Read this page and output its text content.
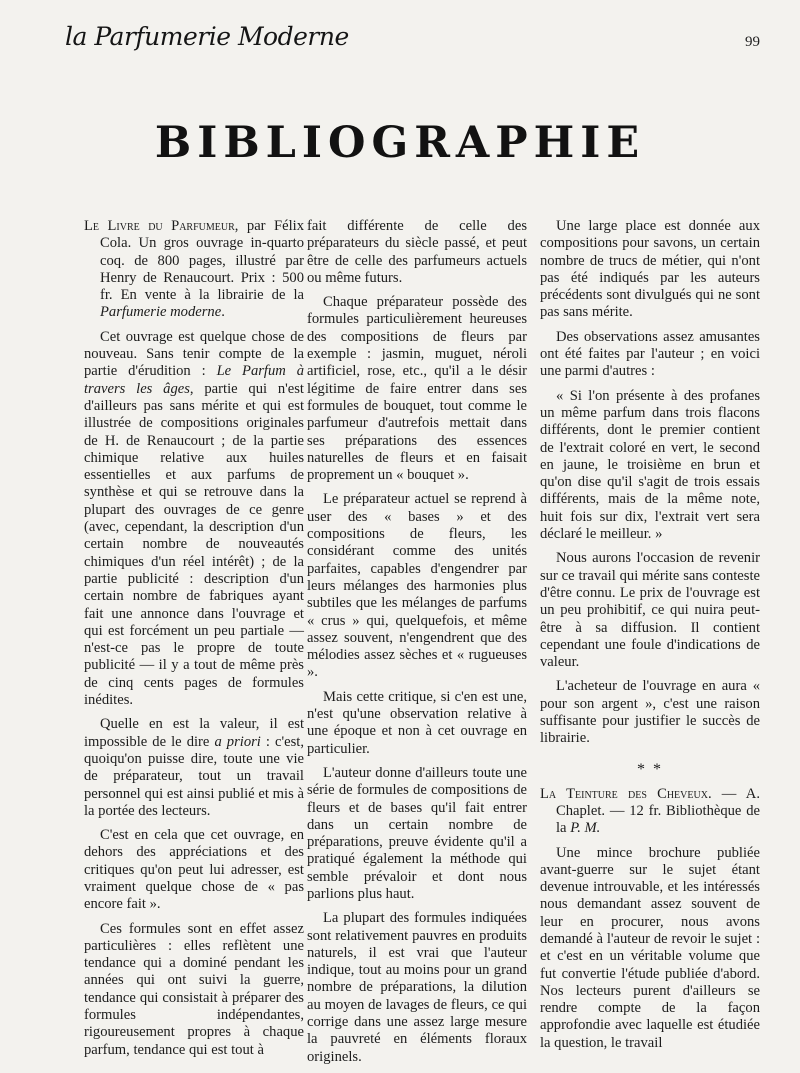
la Parfumerie Moderne	99
BIBLIOGRAPHIE

Le Livre du Parfumeur, par Félix Cola. Un gros ouvrage in-quarto coq. de 800 pages, illustré par Henry de Renaucourt. Prix : 500 fr. En vente à la librairie de la Parfumerie moderne.

Cet ouvrage est quelque chose de nouveau. Sans tenir compte de la partie d'érudition : Le Parfum à travers les âges, partie qui n'est d'ailleurs pas sans mérite et qui est illustrée de compositions originales de H. de Renaucourt ; de la partie chimique relative aux huiles essentielles et aux parfums de synthèse et qui se retrouve dans la plupart des ouvrages de ce genre (avec, cependant, la description d'un certain nombre de nouveautés chimiques d'un réel intérêt) ; de la partie publicité : description d'un certain nombre de fabriques ayant fait une annonce dans l'ouvrage et qui est forcément un peu partiale — n'est-ce pas le propre de toute publicité — il y a tout de même près de cinq cents pages de formules inédites.

Quelle en est la valeur, il est impossible de le dire a priori : c'est, quoiqu'on puisse dire, toute une vie de préparateur, tout un travail personnel qui est ainsi publié et mis à la portée des lecteurs.

C'est en cela que cet ouvrage, en dehors des appréciations et des critiques qu'on peut lui adresser, est vraiment quelque chose de « pas encore fait ».

Ces formules sont en effet assez particulières : elles reflètent une tendance qui a dominé pendant les années qui ont suivi la guerre, tendance qui consistait à préparer des formules indépendantes, rigoureusement propres à chaque parfum, tendance qui est tout à

fait différente de celle des préparateurs du siècle passé, et peut être de celle des parfumeurs actuels ou même futurs.

Chaque préparateur possède des formules particulièrement heureuses des compositions de fleurs par exemple : jasmin, muguet, néroli artificiel, rose, etc., qu'il a le désir légitime de faire entrer dans ses formules de bouquet, tout comme le parfumeur d'autrefois mettait dans ses préparations des essences naturelles de fleurs et en faisait proprement un « bouquet ».

Le préparateur actuel se reprend à user des « bases » et des compositions de fleurs, les considérant comme des unités parfaites, capables d'engendrer par leurs mélanges des harmonies plus subtiles que les mélanges de parfums « crus » qui, quelquefois, et même assez souvent, n'engendrent que des mélodies assez sèches et « rugueuses ».

Mais cette critique, si c'en est une, n'est qu'une observation relative à une époque et non à cet ouvrage en particulier.

L'auteur donne d'ailleurs toute une série de formules de compositions de fleurs et de bases qu'il fait entrer dans un certain nombre de préparations, preuve évidente qu'il a pratiqué également la méthode qui semble prévaloir et dont nous parlions plus haut.

La plupart des formules indiquées sont relativement pauvres en produits naturels, il est vrai que l'auteur indique, tout au moins pour un grand nombre de préparations, la dilution au moyen de lavages de fleurs, ce qui corrige dans une assez large mesure la pauvreté en éléments floraux originels.

Une large place est donnée aux compositions pour savons, un certain nombre de trucs de métier, qui n'ont pas été indiqués par les auteurs précédents sont divulgués qui ne sont pas sans mérite.

Des observations assez amusantes ont été faites par l'auteur ; en voici une parmi d'autres :

« Si l'on présente à des profanes un même parfum dans trois flacons différents, dont le premier contient de l'extrait coloré en vert, le second en jaune, le troisième en brun et qu'on dise qu'il s'agit de trois essais différents, mais de la même note, huit fois sur dix, l'extrait vert sera déclaré le meilleur. »

Nous aurons l'occasion de revenir sur ce travail qui mérite sans conteste d'être connu. Le prix de l'ouvrage est un peu prohibitif, ce qui nuira peut-être à sa diffusion. Il contient cependant une foule d'indications de valeur.

L'acheteur de l'ouvrage en aura « pour son argent », c'est une raison suffisante pour justifier le succès de librairie.

* *

La Teinture des Cheveux. — A. Chaplet. — 12 fr. Bibliothèque de la P. M.

Une mince brochure publiée avant-guerre sur le sujet étant devenue introuvable, et les intéressés nous demandant assez souvent de leur en procurer, nous avons demandé à l'auteur de revoir le sujet : et c'est en un véritable volume que fut convertie l'étude publiée d'abord. Nos lecteurs purent d'ailleurs se rendre compte de la façon approfondie avec laquelle est étudiée la question, le travail
